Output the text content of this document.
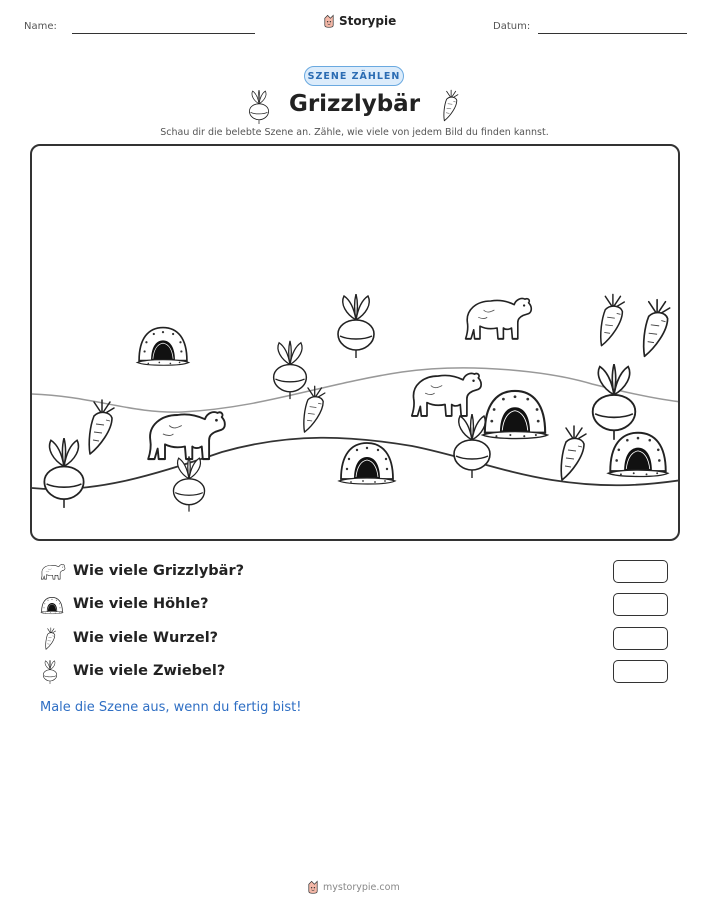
Name:	Storypie	Datum:
SZENE ZÄHLEN
Grizzlybär
Schau dir die belebte Szene an. Zähle, wie viele von jedem Bild du finden kannst.
Wie viele Grizzlybär?
Wie viele Höhle?
Wie viele Wurzel?
Wie viele Zwiebel?
Male die Szene aus, wenn du fertig bist!
mystorypie.com
